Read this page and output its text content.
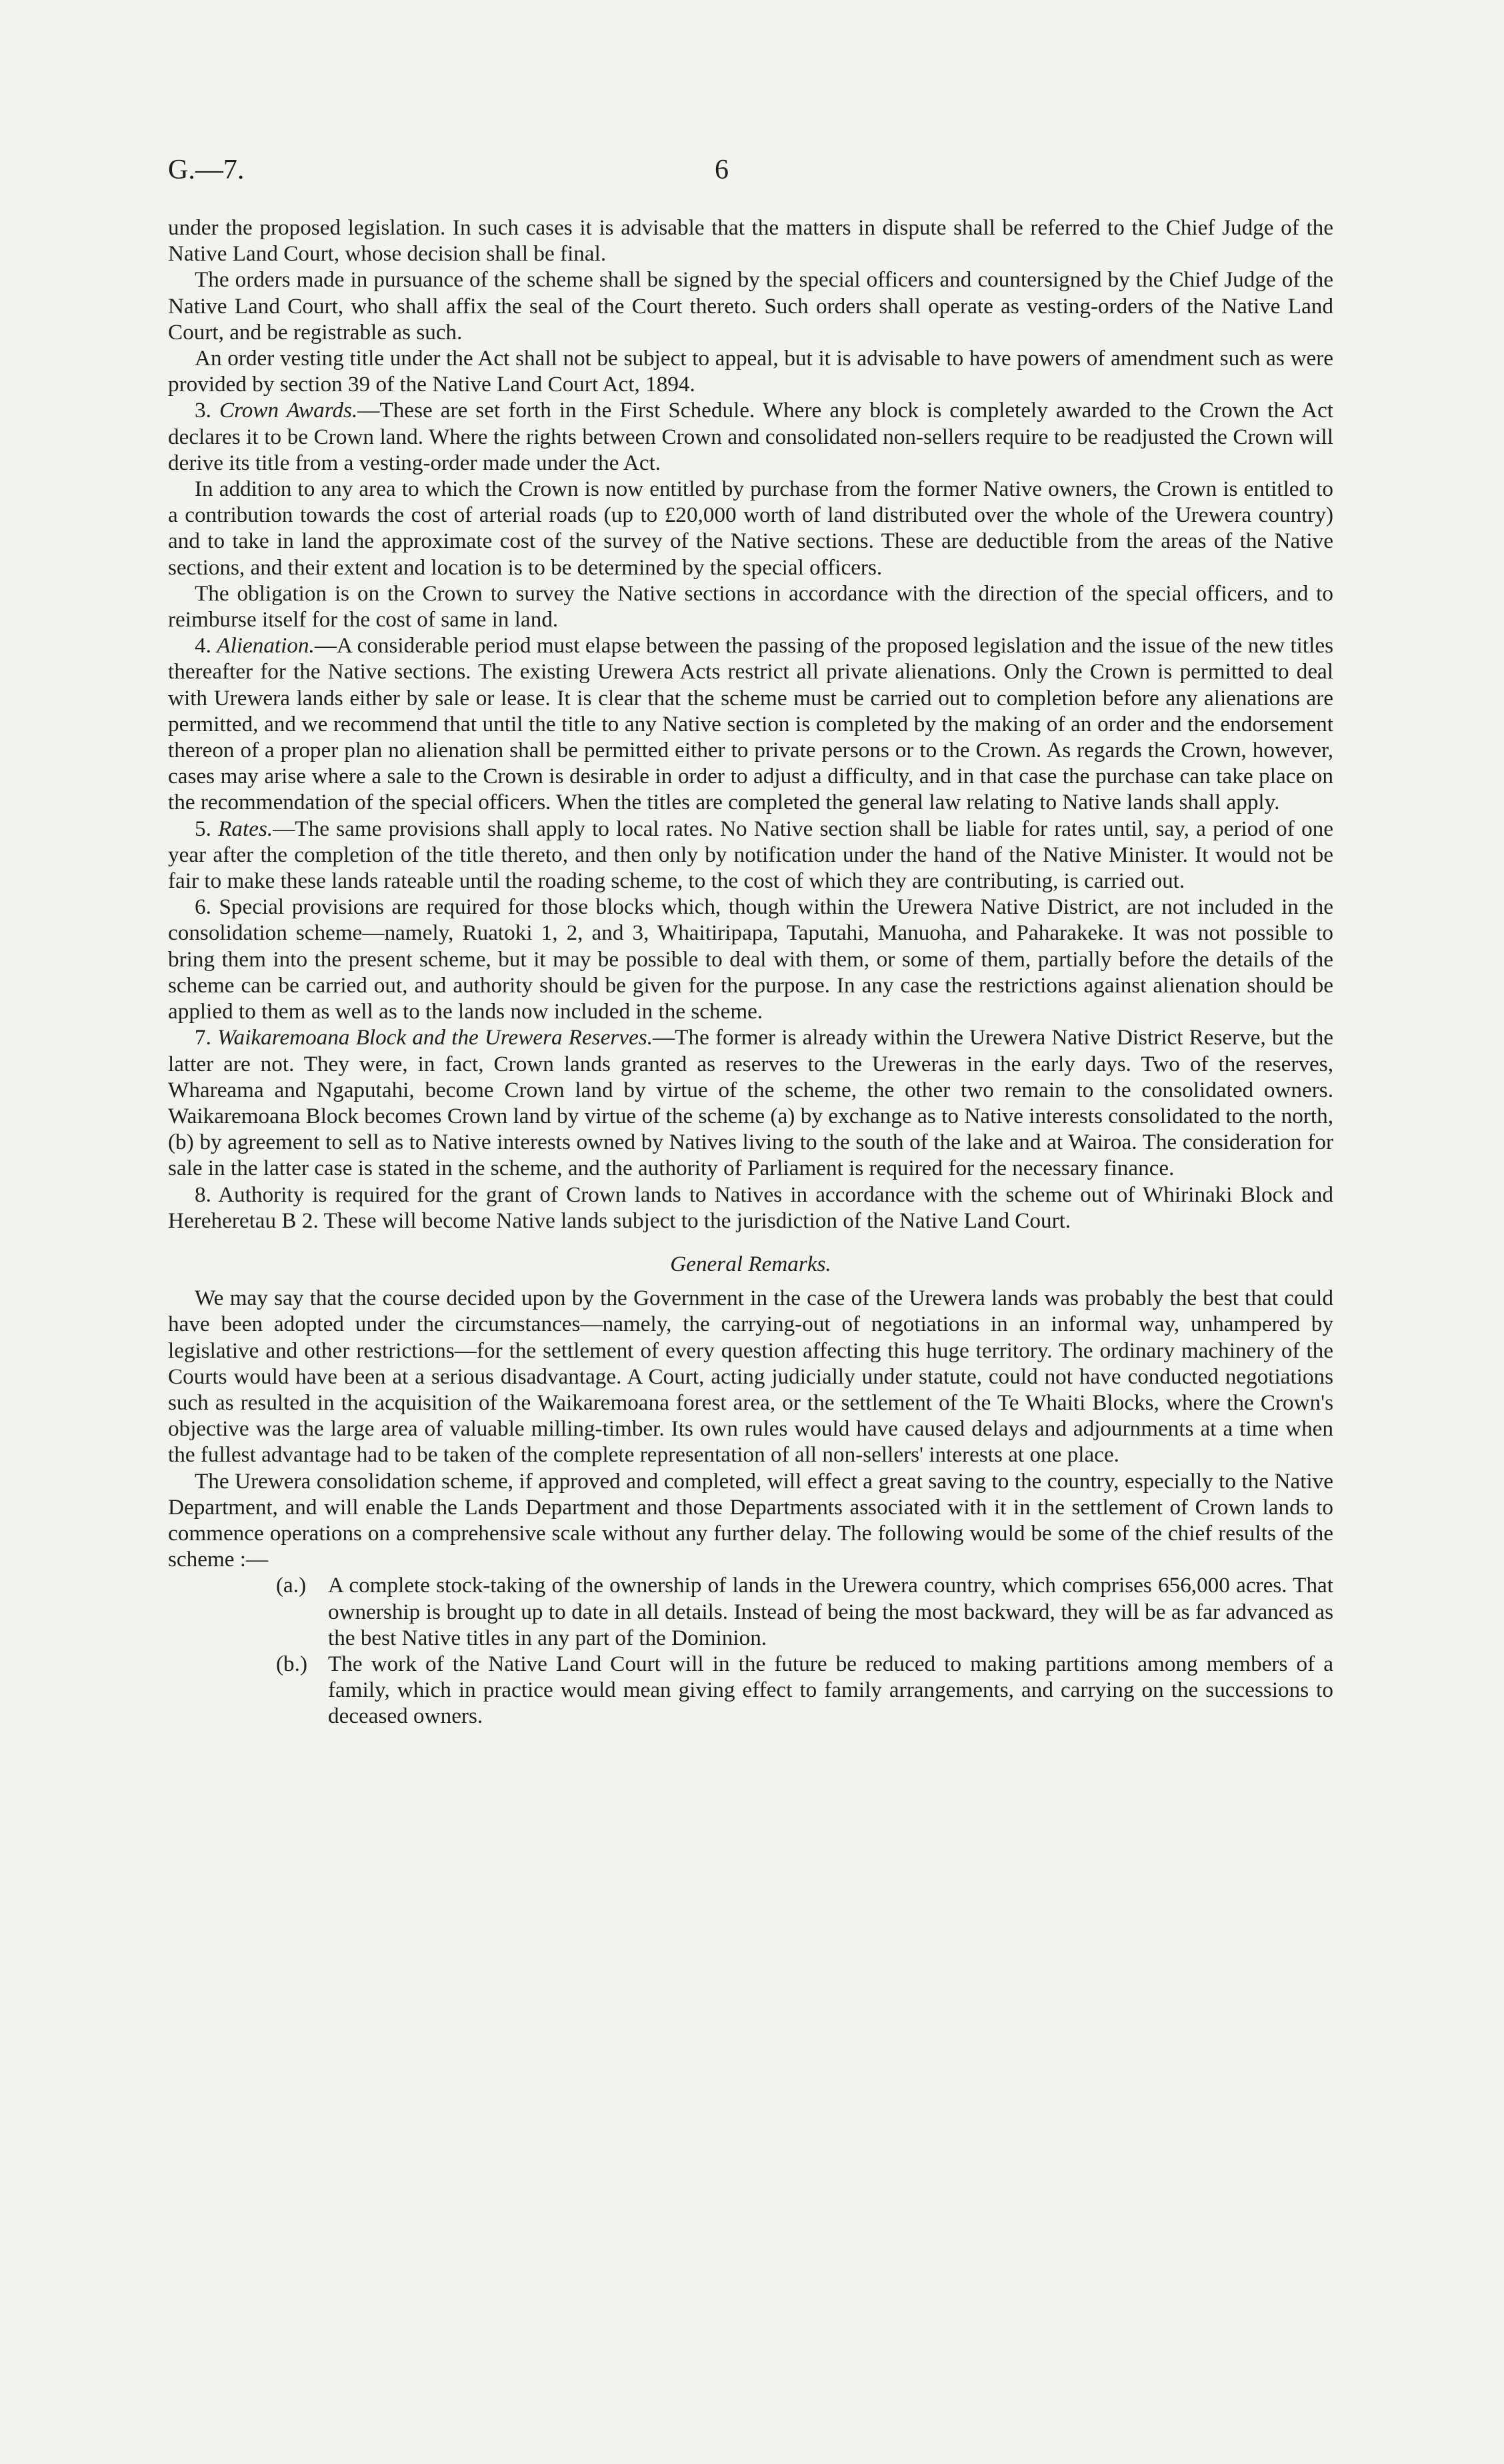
G.—7.	6

under the proposed legislation. In such cases it is advisable that the matters in dispute shall be referred to the Chief Judge of the Native Land Court, whose decision shall be final.

The orders made in pursuance of the scheme shall be signed by the special officers and countersigned by the Chief Judge of the Native Land Court, who shall affix the seal of the Court thereto. Such orders shall operate as vesting-orders of the Native Land Court, and be registrable as such.

An order vesting title under the Act shall not be subject to appeal, but it is advisable to have powers of amendment such as were provided by section 39 of the Native Land Court Act, 1894.

3. Crown Awards.—These are set forth in the First Schedule. Where any block is completely awarded to the Crown the Act declares it to be Crown land. Where the rights between Crown and consolidated non-sellers require to be readjusted the Crown will derive its title from a vesting-order made under the Act.

In addition to any area to which the Crown is now entitled by purchase from the former Native owners, the Crown is entitled to a contribution towards the cost of arterial roads (up to £20,000 worth of land distributed over the whole of the Urewera country) and to take in land the approximate cost of the survey of the Native sections. These are deductible from the areas of the Native sections, and their extent and location is to be determined by the special officers.

The obligation is on the Crown to survey the Native sections in accordance with the direction of the special officers, and to reimburse itself for the cost of same in land.

4. Alienation.—A considerable period must elapse between the passing of the proposed legislation and the issue of the new titles thereafter for the Native sections. The existing Urewera Acts restrict all private alienations. Only the Crown is permitted to deal with Urewera lands either by sale or lease. It is clear that the scheme must be carried out to completion before any alienations are permitted, and we recommend that until the title to any Native section is completed by the making of an order and the endorsement thereon of a proper plan no alienation shall be permitted either to private persons or to the Crown. As regards the Crown, however, cases may arise where a sale to the Crown is desirable in order to adjust a difficulty, and in that case the purchase can take place on the recommendation of the special officers. When the titles are completed the general law relating to Native lands shall apply.

5. Rates.—The same provisions shall apply to local rates. No Native section shall be liable for rates until, say, a period of one year after the completion of the title thereto, and then only by notification under the hand of the Native Minister. It would not be fair to make these lands rateable until the roading scheme, to the cost of which they are contributing, is carried out.

6. Special provisions are required for those blocks which, though within the Urewera Native District, are not included in the consolidation scheme—namely, Ruatoki 1, 2, and 3, Whaitiripapa, Taputahi, Manuoha, and Paharakeke. It was not possible to bring them into the present scheme, but it may be possible to deal with them, or some of them, partially before the details of the scheme can be carried out, and authority should be given for the purpose. In any case the restrictions against alienation should be applied to them as well as to the lands now included in the scheme.

7. Waikaremoana Block and the Urewera Reserves.—The former is already within the Urewera Native District Reserve, but the latter are not. They were, in fact, Crown lands granted as reserves to the Ureweras in the early days. Two of the reserves, Whareama and Ngaputahi, become Crown land by virtue of the scheme, the other two remain to the consolidated owners. Waikaremoana Block becomes Crown land by virtue of the scheme (a) by exchange as to Native interests consolidated to the north, (b) by agreement to sell as to Native interests owned by Natives living to the south of the lake and at Wairoa. The consideration for sale in the latter case is stated in the scheme, and the authority of Parliament is required for the necessary finance.

8. Authority is required for the grant of Crown lands to Natives in accordance with the scheme out of Whirinaki Block and Hereheretau B 2. These will become Native lands subject to the jurisdiction of the Native Land Court.

General Remarks.

We may say that the course decided upon by the Government in the case of the Urewera lands was probably the best that could have been adopted under the circumstances—namely, the carrying-out of negotiations in an informal way, unhampered by legislative and other restrictions—for the settlement of every question affecting this huge territory. The ordinary machinery of the Courts would have been at a serious disadvantage. A Court, acting judicially under statute, could not have conducted negotiations such as resulted in the acquisition of the Waikaremoana forest area, or the settlement of the Te Whaiti Blocks, where the Crown's objective was the large area of valuable milling-timber. Its own rules would have caused delays and adjournments at a time when the fullest advantage had to be taken of the complete representation of all non-sellers' interests at one place.

The Urewera consolidation scheme, if approved and completed, will effect a great saving to the country, especially to the Native Department, and will enable the Lands Department and those Departments associated with it in the settlement of Crown lands to commence operations on a comprehensive scale without any further delay. The following would be some of the chief results of the scheme :—

(a.) A complete stock-taking of the ownership of lands in the Urewera country, which comprises 656,000 acres. That ownership is brought up to date in all details. Instead of being the most backward, they will be as far advanced as the best Native titles in any part of the Dominion.

(b.) The work of the Native Land Court will in the future be reduced to making partitions among members of a family, which in practice would mean giving effect to family arrangements, and carrying on the successions to deceased owners.
